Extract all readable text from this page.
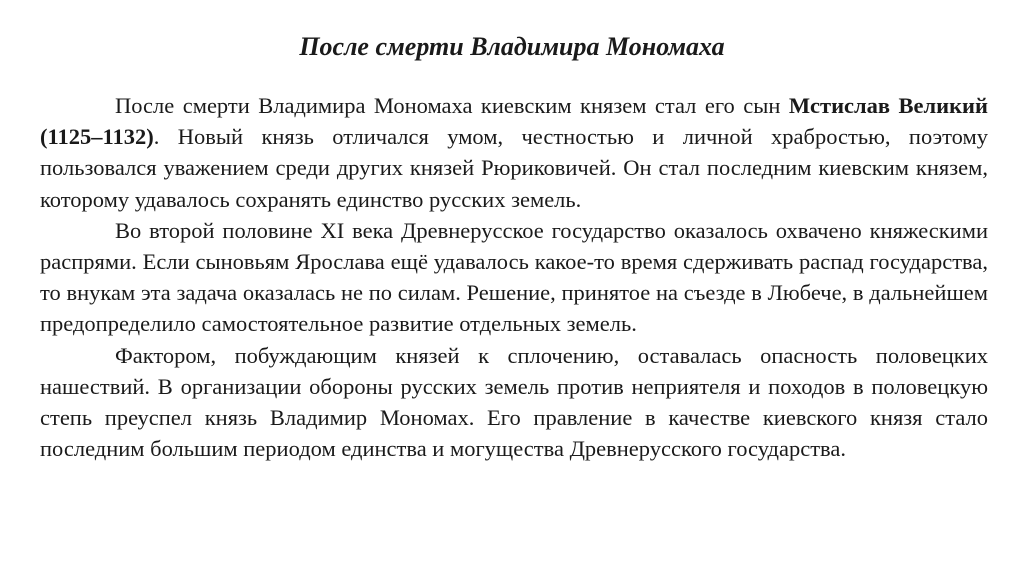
После смерти Владимира Мономаха

После смерти Владимира Мономаха киевским князем стал его сын Мстислав Великий (1125–1132). Новый князь отличался умом, честностью и личной храбростью, поэтому пользовался уважением среди других князей Рюриковичей. Он стал последним киевским князем, которому удавалось сохранять единство русских земель.

Во второй половине XI века Древнерусское государство оказалось охвачено княжескими распрями. Если сыновьям Ярослава ещё удавалось какое-то время сдерживать распад государства, то внукам эта задача оказалась не по силам. Решение, принятое на съезде в Любече, в дальнейшем предопределило самостоятельное развитие отдельных земель.

Фактором, побуждающим князей к сплочению, оставалась опасность половецких нашествий. В организации обороны русских земель против неприятеля и походов в половецкую степь преуспел князь Владимир Мономах. Его правление в качестве киевского князя стало последним большим периодом единства и могущества Древнерусского государства.
